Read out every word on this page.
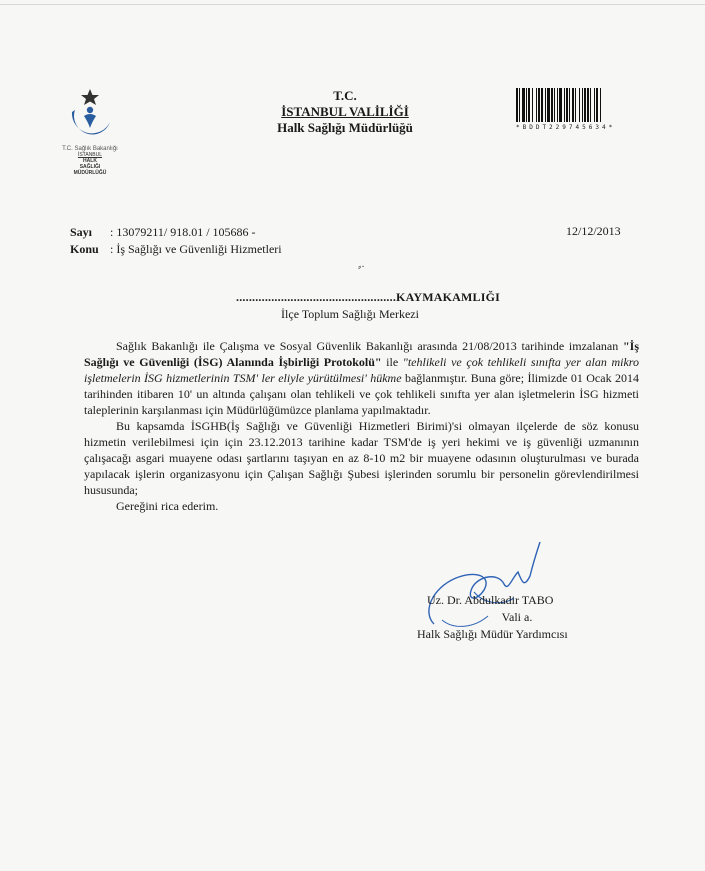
T.C. Sağlık Bakanlığı
İSTANBUL
HALK
SAĞLIĞI
MÜDÜRLÜĞÜ
T.C.
İSTANBUL VALİLİĞİ
Halk Sağlığı Müdürlüğü	*BDDT229745634*
Sayı : 13079211/ 918.01 / 105686 -
Konu : İş Sağlığı ve Güvenliği Hizmetleri
12/12/2013
⸗·
..................................................KAYMAKAMLIĞI
İlçe Toplum Sağlığı Merkezi

Sağlık Bakanlığı ile Çalışma ve Sosyal Güvenlik Bakanlığı arasında 21/08/2013 tarihinde imzalanan "İş Sağlığı ve Güvenliği (İSG) Alanında İşbirliği Protokolü" ile "tehlikeli ve çok tehlikeli sınıfta yer alan mikro işletmelerin İSG hizmetlerinin TSM' ler eliyle yürütülmesi' hükme bağlanmıştır. Buna göre; İlimizde 01 Ocak 2014 tarihinden itibaren 10' un altında çalışanı olan tehlikeli ve çok tehlikeli sınıfta yer alan işletmelerin İSG hizmeti taleplerinin karşılanması için Müdürlüğümüzce planlama yapılmaktadır.

Bu kapsamda İSGHB(İş Sağlığı ve Güvenliği Hizmetleri Birimi)'si olmayan ilçelerde de söz konusu hizmetin verilebilmesi için için 23.12.2013 tarihine kadar TSM'de iş yeri hekimi ve iş güvenliği uzmanının çalışacağı asgari muayene odası şartlarını taşıyan en az 8-10 m2 bir muayene odasının oluşturulması ve burada yapılacak işlerin organizasyonu için Çalışan Sağlığı Şubesi işlerinden sorumlu bir personelin görevlendirilmesi hususunda;

Gereğini rica ederim.

Uz. Dr. Abdulkadir TABO
Vali a.
Halk Sağlığı Müdür Yardımcısı
